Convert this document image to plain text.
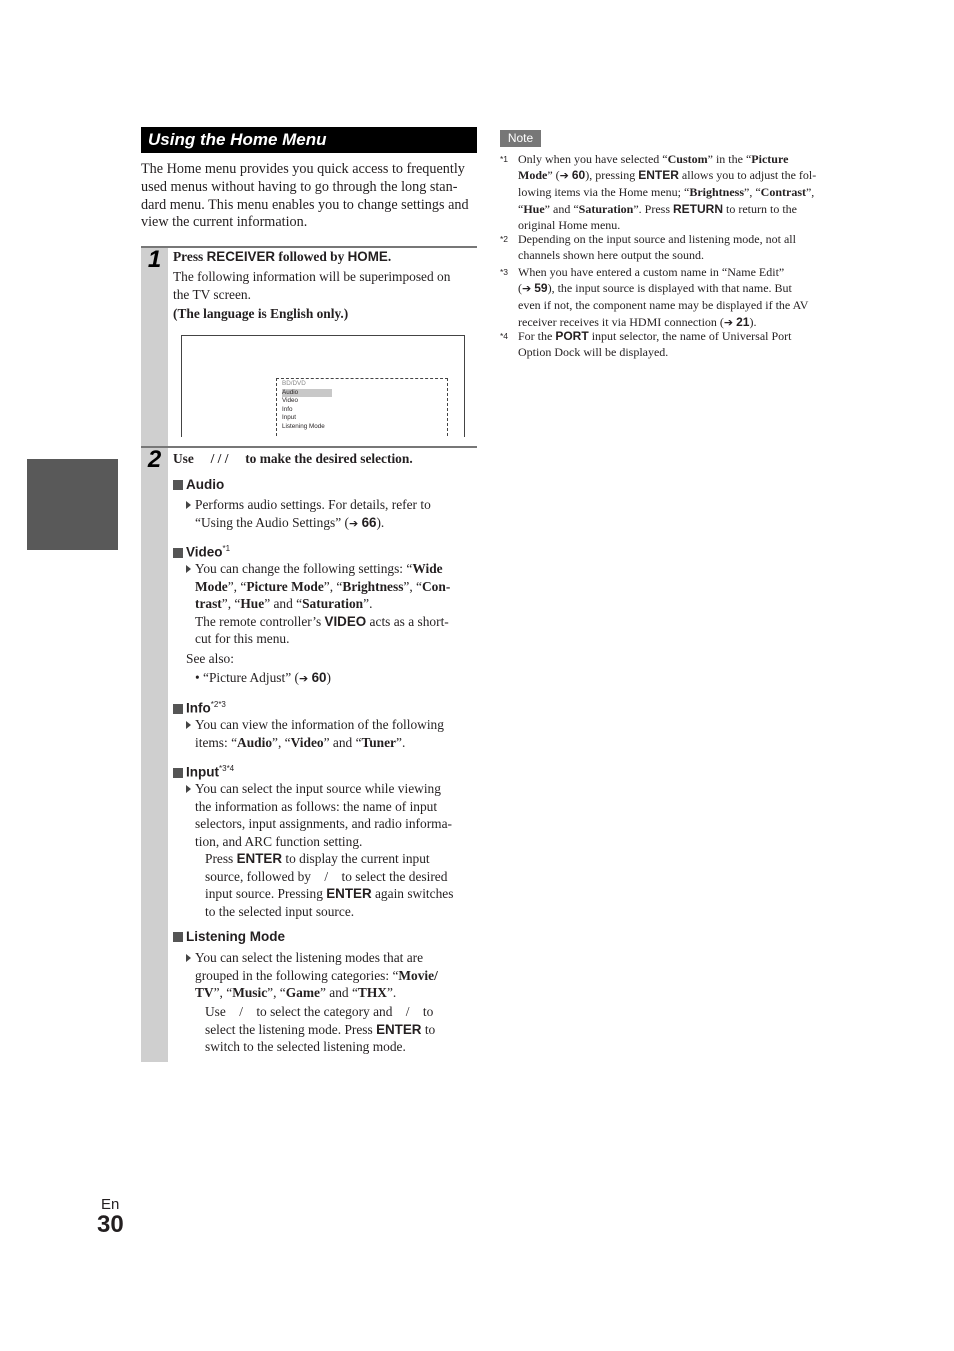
Using the Home Menu
The Home menu provides you quick access to frequently
used menus without having to go through the long stan-
dard menu. This menu enables you to change settings and
view the current information.
1
2
Press RECEIVER followed by HOME.
The following information will be superimposed on
the TV screen.
(The language is English only.)
BD/DVD
Audio
Video
Info
Input
Listening Mode
Use / / / to make the desired selection.
Audio
Performs audio settings. For details, refer to
“Using the Audio Settings” (➔ 66).
Video$^{*1}$
You can change the following settings: “Wide
Mode”, “Picture Mode”, “Brightness”, “Con-
trast”, “Hue” and “Saturation”.
The remote controller’s VIDEO acts as a short-
cut for this menu.
See also:
• “Picture Adjust” (➔ 60)
Info$^{*2*3}$
You can view the information of the following
items: “Audio”, “Video” and “Tuner”.
Input$^{*3*4}$
You can select the input source while viewing
the information as follows: the name of input
selectors, input assignments, and radio informa-
tion, and ARC function setting.
Press ENTER to display the current input
source, followed by    /    to select the desired
input source. Pressing ENTER again switches
to the selected input source.
Listening Mode
You can select the listening modes that are
grouped in the following categories: “Movie/
TV”, “Music”, “Game” and “THX”.
Use    /    to select the category and    /    to
select the listening mode. Press ENTER to
switch to the selected listening mode.
Note
*1 Only when you have selected “Custom” in the “Picture
Mode” (➔ 60), pressing ENTER allows you to adjust the fol-
lowing items via the Home menu; “Brightness”, “Contrast”,
“Hue” and “Saturation”. Press RETURN to return to the
original Home menu.
*2 Depending on the input source and listening mode, not all
channels shown here output the sound.
*3 When you have entered a custom name in “Name Edit”
(➔ 59), the input source is displayed with that name. But
even if not, the component name may be displayed if the AV
receiver receives it via HDMI connection (➔ 21).
*4 For the PORT input selector, the name of Universal Port
Option Dock will be displayed.
En
30
